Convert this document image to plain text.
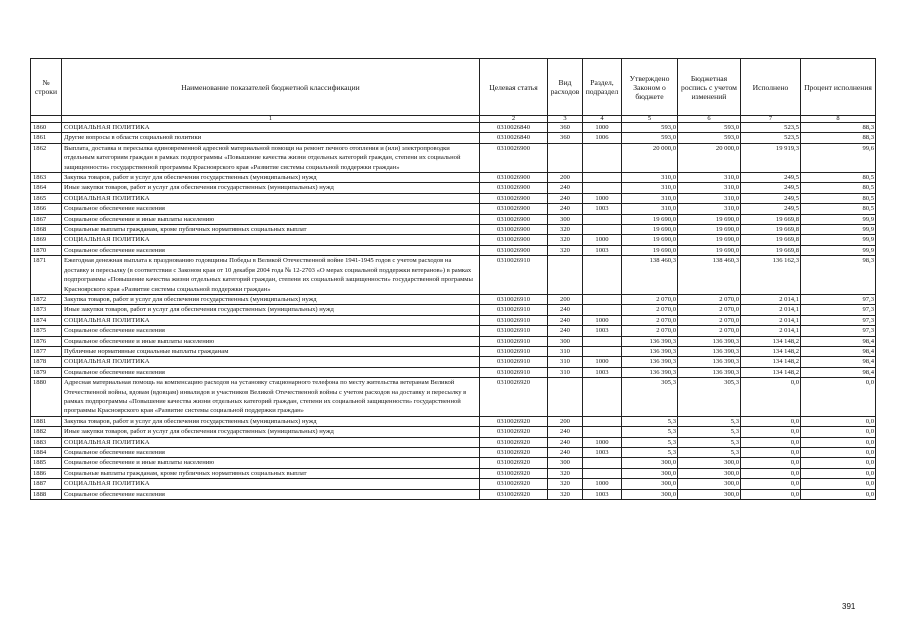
№ строки	Наименование показателей бюджетной классификации	Целевая статья	Вид расходов	Раздел, подраздел	Утверждено Законом о бюджете	Бюджетная роспись с учетом изменений	Исполнено	Процент исполнения
	1	2	3	4	5	6	7	8
1860	СОЦИАЛЬНАЯ ПОЛИТИКА	0310026840	360	1000	593,0	593,0	523,5	88,3
1861	Другие вопросы в области социальной политики	0310026840	360	1006	593,0	593,0	523,5	88,3
1862	Выплата, доставка и пересылка единовременной адресной материальной помощи на ремонт печного отопления и (или) электропроводки отдельным категориям граждан в рамках подпрограммы «Повышение качества жизни отдельных категорий граждан, степени их социальной защищенности» государственной программы Красноярского края «Развитие системы социальной поддержки граждан»	0310026900			20 000,0	20 000,0	19 919,3	99,6
1863	Закупка товаров, работ и услуг для обеспечения государственных (муниципальных) нужд	0310026900	200		310,0	310,0	249,5	80,5
1864	Иные закупки товаров, работ и услуг для обеспечения государственных (муниципальных) нужд	0310026900	240		310,0	310,0	249,5	80,5
1865	СОЦИАЛЬНАЯ ПОЛИТИКА	0310026900	240	1000	310,0	310,0	249,5	80,5
1866	Социальное обеспечение населения	0310026900	240	1003	310,0	310,0	249,5	80,5
1867	Социальное обеспечение и иные выплаты населению	0310026900	300		19 690,0	19 690,0	19 669,8	99,9
1868	Социальные выплаты гражданам, кроме публичных нормативных социальных выплат	0310026900	320		19 690,0	19 690,0	19 669,8	99,9
1869	СОЦИАЛЬНАЯ ПОЛИТИКА	0310026900	320	1000	19 690,0	19 690,0	19 669,8	99,9
1870	Социальное обеспечение населения	0310026900	320	1003	19 690,0	19 690,0	19 669,8	99,9
1871	Ежегодная денежная выплата к празднованию годовщины Победы в Великой Отечественной войне 1941-1945 годов с учетом расходов на доставку и пересылку (в соответствии с Законом края от 10 декабря 2004 года № 12-2703 «О мерах социальной поддержки ветеранов») в рамках подпрограммы «Повышение качества жизни отдельных категорий граждан, степени их социальной защищенности» государственной программы Красноярского края «Развитие системы социальной поддержки граждан»	0310026910			138 460,3	138 460,3	136 162,3	98,3
1872	Закупка товаров, работ и услуг для обеспечения государственных (муниципальных) нужд	0310026910	200		2 070,0	2 070,0	2 014,1	97,3
1873	Иные закупки товаров, работ и услуг для обеспечения государственных (муниципальных) нужд	0310026910	240		2 070,0	2 070,0	2 014,1	97,3
1874	СОЦИАЛЬНАЯ ПОЛИТИКА	0310026910	240	1000	2 070,0	2 070,0	2 014,1	97,3
1875	Социальное обеспечение населения	0310026910	240	1003	2 070,0	2 070,0	2 014,1	97,3
1876	Социальное обеспечение и иные выплаты населению	0310026910	300		136 390,3	136 390,3	134 148,2	98,4
1877	Публичные нормативные социальные выплаты гражданам	0310026910	310		136 390,3	136 390,3	134 148,2	98,4
1878	СОЦИАЛЬНАЯ ПОЛИТИКА	0310026910	310	1000	136 390,3	136 390,3	134 148,2	98,4
1879	Социальное обеспечение населения	0310026910	310	1003	136 390,3	136 390,3	134 148,2	98,4
1880	Адресная материальная помощь на компенсацию расходов на установку стационарного телефона по месту жительства ветеранам Великой Отечественной войны, вдовам (вдовцам) инвалидов и участников Великой Отечественной войны с учетом расходов на доставку и пересылку в рамках подпрограммы «Повышение качества жизни отдельных категорий граждан, степени их социальной защищенности» государственной программы Красноярского края «Развитие системы социальной поддержки граждан»	0310026920			305,3	305,3	0,0	0,0
1881	Закупка товаров, работ и услуг для обеспечения государственных (муниципальных) нужд	0310026920	200		5,3	5,3	0,0	0,0
1882	Иные закупки товаров, работ и услуг для обеспечения государственных (муниципальных) нужд	0310026920	240		5,3	5,3	0,0	0,0
1883	СОЦИАЛЬНАЯ ПОЛИТИКА	0310026920	240	1000	5,3	5,3	0,0	0,0
1884	Социальное обеспечение населения	0310026920	240	1003	5,3	5,3	0,0	0,0
1885	Социальное обеспечение и иные выплаты населению	0310026920	300		300,0	300,0	0,0	0,0
1886	Социальные выплаты гражданам, кроме публичных нормативных социальных выплат	0310026920	320		300,0	300,0	0,0	0,0
1887	СОЦИАЛЬНАЯ ПОЛИТИКА	0310026920	320	1000	300,0	300,0	0,0	0,0
1888	Социальное обеспечение населения	0310026920	320	1003	300,0	300,0	0,0	0,0
391
